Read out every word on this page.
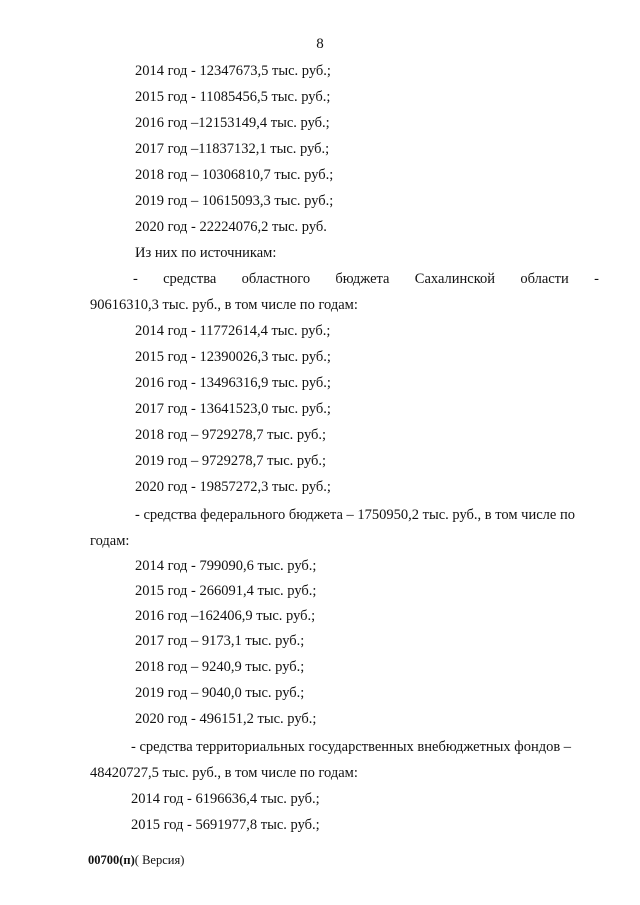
8
2014 год - 12347673,5 тыс. руб.;
2015 год - 11085456,5 тыс. руб.;
2016 год –12153149,4 тыс. руб.;
2017 год –11837132,1 тыс. руб.;
2018 год – 10306810,7 тыс. руб.;
2019 год – 10615093,3 тыс. руб.;
2020 год - 22224076,2 тыс. руб.
Из них по источникам:
- средства областного бюджета Сахалинской области -
90616310,3 тыс. руб., в том числе по годам:
2014 год - 11772614,4 тыс. руб.;
2015 год - 12390026,3 тыс. руб.;
2016 год - 13496316,9 тыс. руб.;
2017 год - 13641523,0 тыс. руб.;
2018 год – 9729278,7 тыс. руб.;
2019 год – 9729278,7 тыс. руб.;
2020 год - 19857272,3 тыс. руб.;
- средства федерального бюджета – 1750950,2 тыс. руб., в том числе по
годам:
2014 год - 799090,6 тыс. руб.;
2015 год - 266091,4 тыс. руб.;
2016 год –162406,9 тыс. руб.;
2017 год – 9173,1 тыс. руб.;
2018 год – 9240,9 тыс. руб.;
2019 год – 9040,0 тыс. руб.;
2020 год - 496151,2 тыс. руб.;
- средства территориальных государственных внебюджетных фондов –
48420727,5 тыс. руб., в том числе по годам:
2014 год - 6196636,4 тыс. руб.;
2015 год - 5691977,8 тыс. руб.;
00700(п)( Версия)
